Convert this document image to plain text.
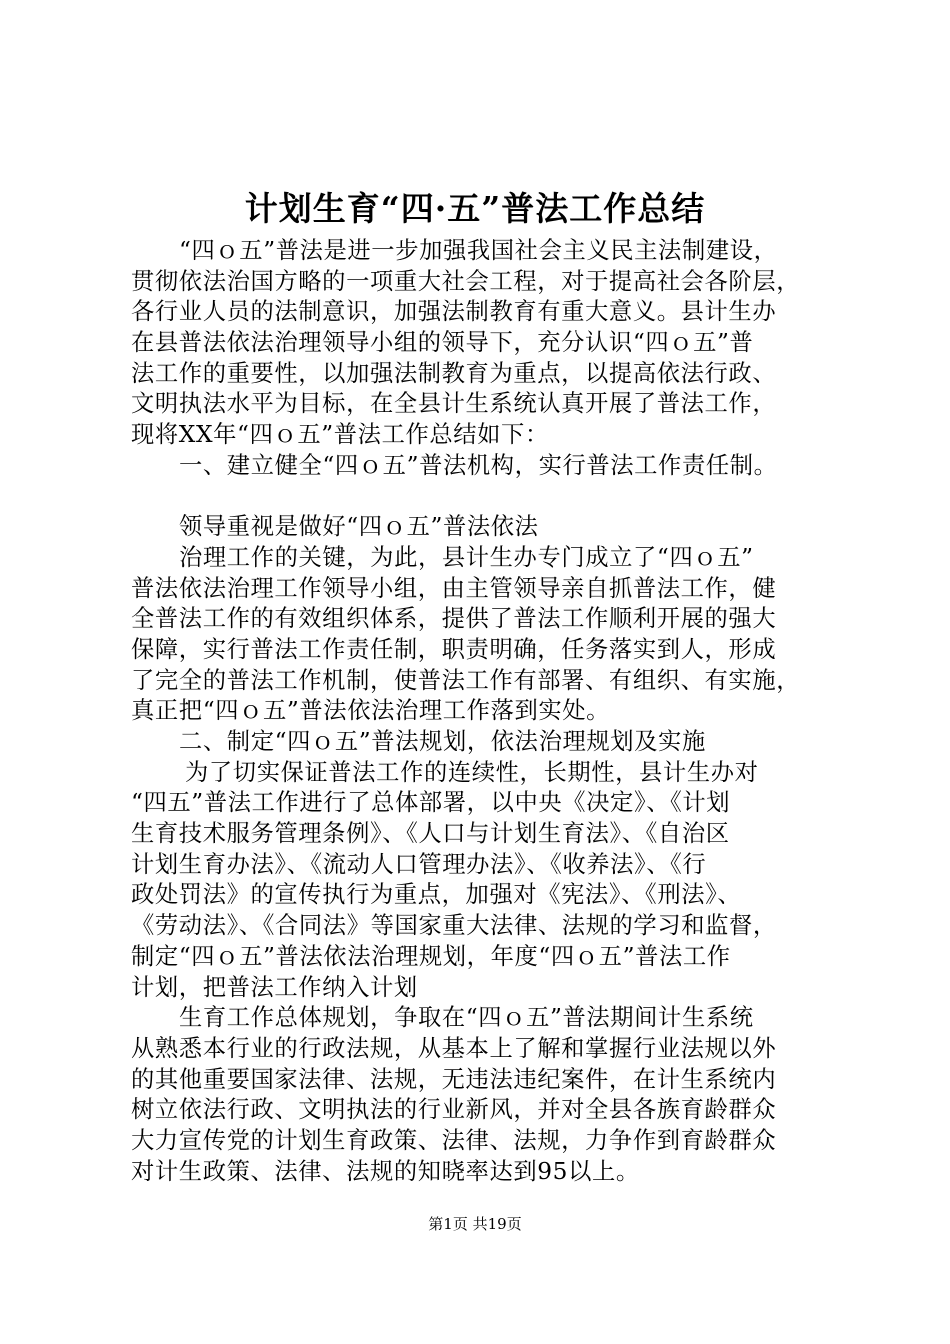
计划生育“四·五”普法工作总结
“四ｏ五”普法是进一步加强我国社会主义民主法制建设，
贯彻依法治国方略的一项重大社会工程，对于提高社会各阶层，
各行业人员的法制意识，加强法制教育有重大意义。县计生办
在县普法依法治理领导小组的领导下，充分认识“四ｏ五”普
法工作的重要性，以加强法制教育为重点，以提高依法行政、
文明执法水平为目标，在全县计生系统认真开展了普法工作，
现将XX年“四ｏ五”普法工作总结如下：
一、建立健全“四ｏ五”普法机构，实行普法工作责任制。
领导重视是做好“四ｏ五”普法依法
治理工作的关键，为此，县计生办专门成立了“四ｏ五”
普法依法治理工作领导小组，由主管领导亲自抓普法工作，健
全普法工作的有效组织体系，提供了普法工作顺利开展的强大
保障，实行普法工作责任制，职责明确，任务落实到人，形成
了完全的普法工作机制，使普法工作有部署、有组织、有实施，
真正把“四ｏ五”普法依法治理工作落到实处。
二、制定“四ｏ五”普法规划，依法治理规划及实施
为了切实保证普法工作的连续性，长期性，县计生办对
“四五”普法工作进行了总体部署，以中央《决定》、《计划
生育技术服务管理条例》、《人口与计划生育法》、《自治区
计划生育办法》、《流动人口管理办法》、《收养法》、《行
政处罚法》的宣传执行为重点，加强对《宪法》、《刑法》、
《劳动法》、《合同法》等国家重大法律、法规的学习和监督，
制定“四ｏ五”普法依法治理规划，年度“四ｏ五”普法工作
计划，把普法工作纳入计划
生育工作总体规划，争取在“四ｏ五”普法期间计生系统
从熟悉本行业的行政法规，从基本上了解和掌握行业法规以外
的其他重要国家法律、法规，无违法违纪案件，在计生系统内
树立依法行政、文明执法的行业新风，并对全县各族育龄群众
大力宣传党的计划生育政策、法律、法规，力争作到育龄群众
对计生政策、法律、法规的知晓率达到95以上。
第1页 共19页
